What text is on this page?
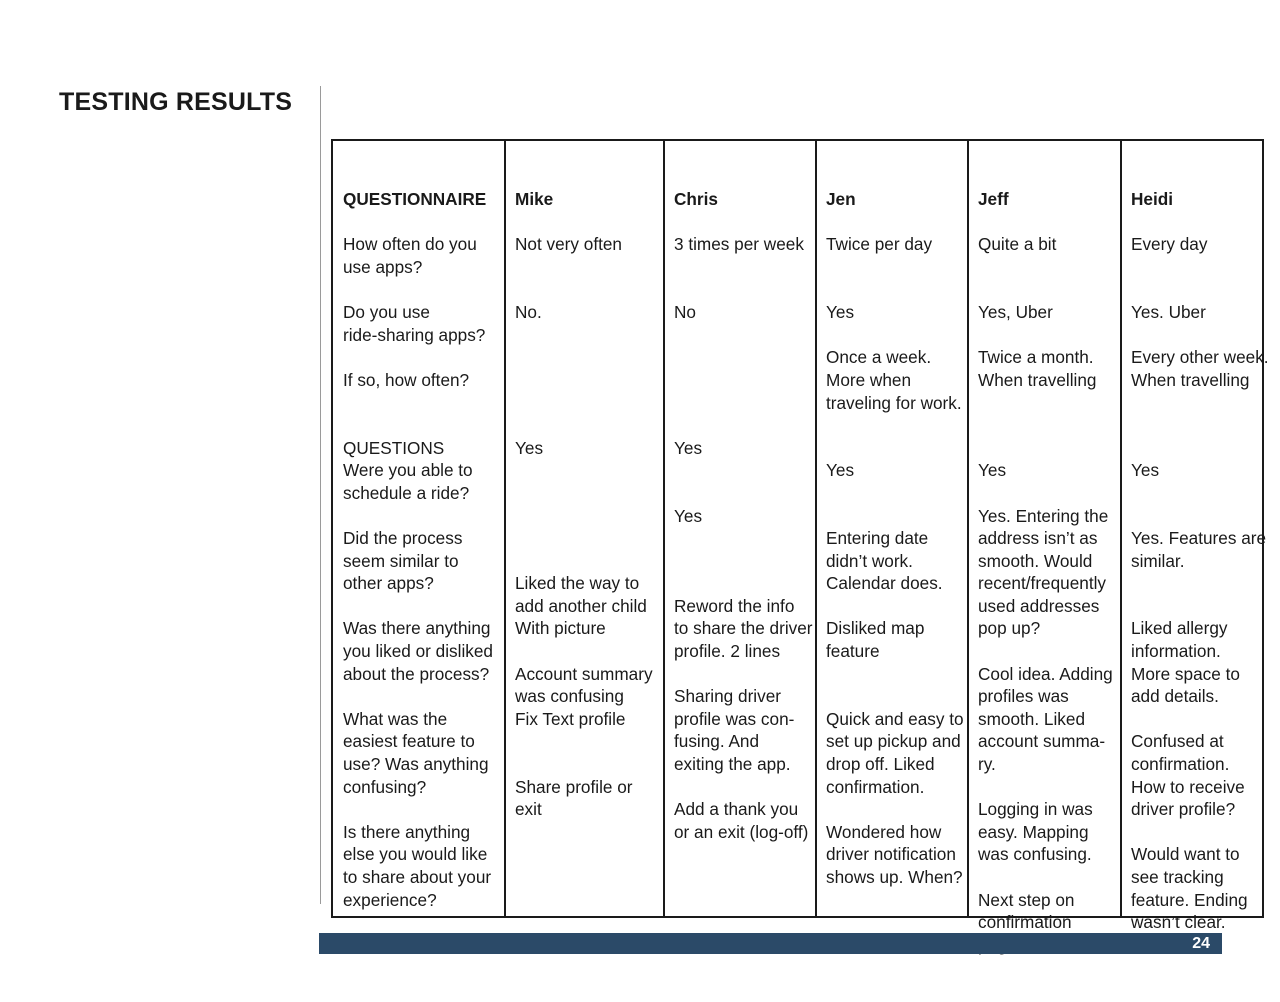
TESTING RESULTS

QUESTIONNAIRE

How often do you
use apps?

Do you use
ride-sharing apps?

If so, how often?

QUESTIONS
Were you able to
schedule a ride?

Did the process
seem similar to
other apps?

Was there anything
you liked or disliked
about the process?

What was the
easiest feature to
use? Was anything
confusing?

Is there anything
else you would like
to share about your
experience?

Mike

Not very often

No.

Yes

Liked the way to
add another child
With picture

Account summary
was confusing
Fix Text profile

Share profile or
exit

Chris

3 times per week

No

Yes

Yes

Reword the info
to share the driver
profile. 2 lines

Sharing driver
profile was con-
fusing. And
exiting the app.

Add a thank you
or an exit (log-off)

Jen

Twice per day

Yes

Once a week.
More when
traveling for work.

Yes

Entering date
didn’t work.
Calendar does.

Disliked map
feature

Quick and easy to
set up pickup and
drop off. Liked
confirmation.

Wondered how
driver notification
shows up. When?

Jeff

Quite a bit

Yes, Uber

Twice a month.
When travelling

Yes

Yes. Entering the
address isn’t as
smooth. Would
recent/frequently
used addresses
pop up?

Cool idea. Adding
profiles was
smooth. Liked
account summa-
ry.

Logging in was
easy. Mapping
was confusing.

Next step on
confirmation

Heidi

Every day

Yes. Uber

Every other week.
When travelling

Yes

Yes. Features are
similar.

Liked allergy
information.
More space to
add details.

Confused at
confirmation.
How to receive
driver profile?

Would want to
see tracking
feature. Ending
wasn’t clear.

24
